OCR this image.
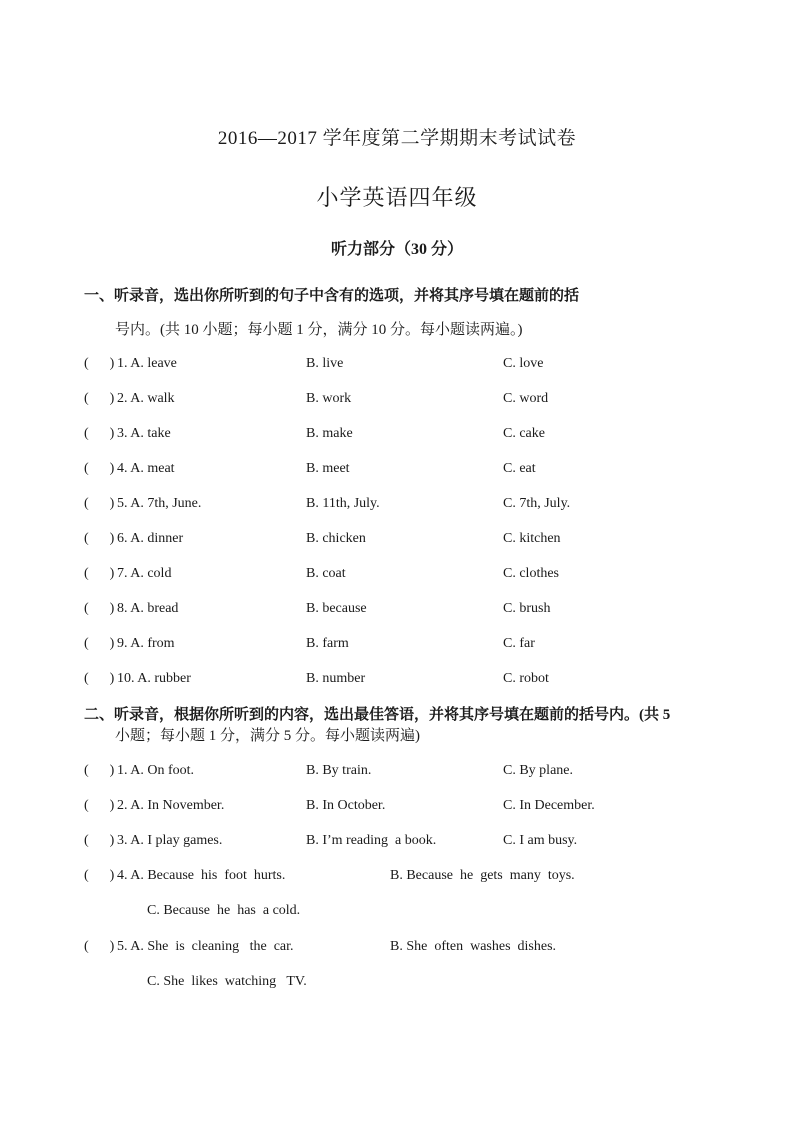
2016—2017 学年度第二学期期末考试试卷
小学英语四年级
听力部分（30 分）
一、听录音，选出你所听到的句子中含有的选项，并将其序号填在题前的括
号内。(共 10 小题；每小题 1 分，满分 10 分。每小题读两遍。)
(      ) 1. A. leave	B. live	C. love
(      ) 2. A. walk	B. work	C. word
(      ) 3. A. take	B. make	C. cake
(      ) 4. A. meat	B. meet	C. eat
(      ) 5. A. 7th, June.	B. 11th, July.	C. 7th, July.
(      ) 6. A. dinner	B. chicken	C. kitchen
(      ) 7. A. cold	B. coat	C. clothes
(      ) 8. A. bread	B. because	C. brush
(      ) 9. A. from	B. farm	C. far
(      ) 10. A. rubber	B. number	C. robot
二、听录音，根据你所听到的内容，选出最佳答语，并将其序号填在题前的括号内。(共 5
小题；每小题 1 分，满分 5 分。每小题读两遍)
(      ) 1. A. On foot.	B. By train.	C. By plane.
(      ) 2. A. In November.	B. In October.	C. In December.
(      ) 3. A. I play games.	B. I’m reading  a book.	C. I am busy.
(      ) 4. A. Because  his  foot  hurts.	B. Because  he  gets  many  toys.
C. Because  he  has  a cold.
(      ) 5. A. She  is  cleaning   the  car.	B. She  often  washes  dishes.
C. She  likes  watching   TV.
